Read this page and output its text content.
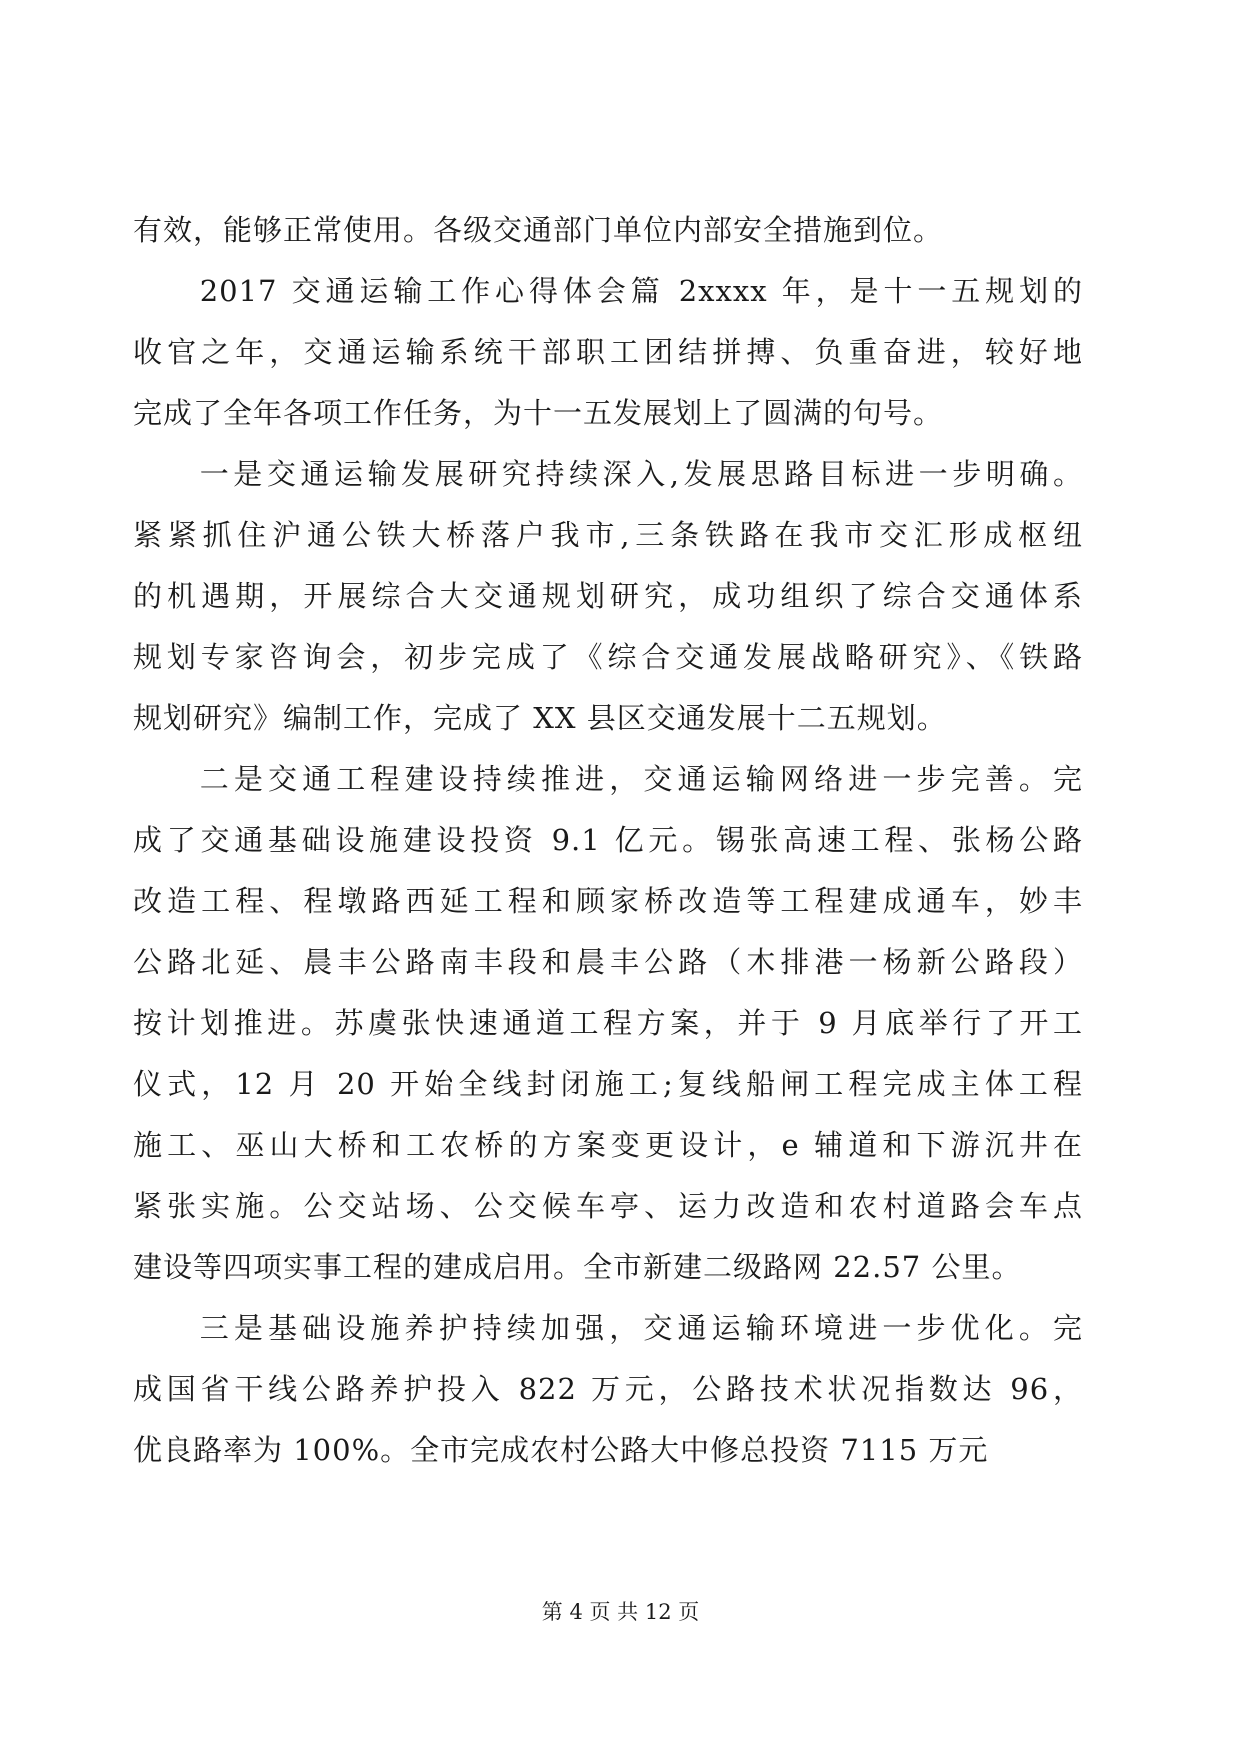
有效，能够正常使用。各级交通部门单位内部安全措施到位。

2017 交通运输工作心得体会篇 2xxxx 年，是十一五规划的
收官之年，交通运输系统干部职工团结拼搏、负重奋进，较好地
完成了全年各项工作任务，为十一五发展划上了圆满的句号。

一是交通运输发展研究持续深入,发展思路目标进一步明确。
紧紧抓住沪通公铁大桥落户我市,三条铁路在我市交汇形成枢纽
的机遇期，开展综合大交通规划研究，成功组织了综合交通体系
规划专家咨询会，初步完成了《综合交通发展战略研究》、《铁路
规划研究》编制工作，完成了 XX 县区交通发展十二五规划。

二是交通工程建设持续推进，交通运输网络进一步完善。完
成了交通基础设施建设投资 9.1 亿元。锡张高速工程、张杨公路
改造工程、程墩路西延工程和顾家桥改造等工程建成通车，妙丰
公路北延、晨丰公路南丰段和晨丰公路（木排港一杨新公路段）
按计划推进。苏虞张快速通道工程方案，并于 9 月底举行了开工
仪式，12 月 20 开始全线封闭施工;复线船闸工程完成主体工程
施工、巫山大桥和工农桥的方案变更设计，e 辅道和下游沉井在
紧张实施。公交站场、公交候车亭、运力改造和农村道路会车点
建设等四项实事工程的建成启用。全市新建二级路网 22.57 公里。

三是基础设施养护持续加强，交通运输环境进一步优化。完
成国省干线公路养护投入 822 万元，公路技术状况指数达 96，
优良路率为 100%。全市完成农村公路大中修总投资 7115 万元

第 4 页 共 12 页
